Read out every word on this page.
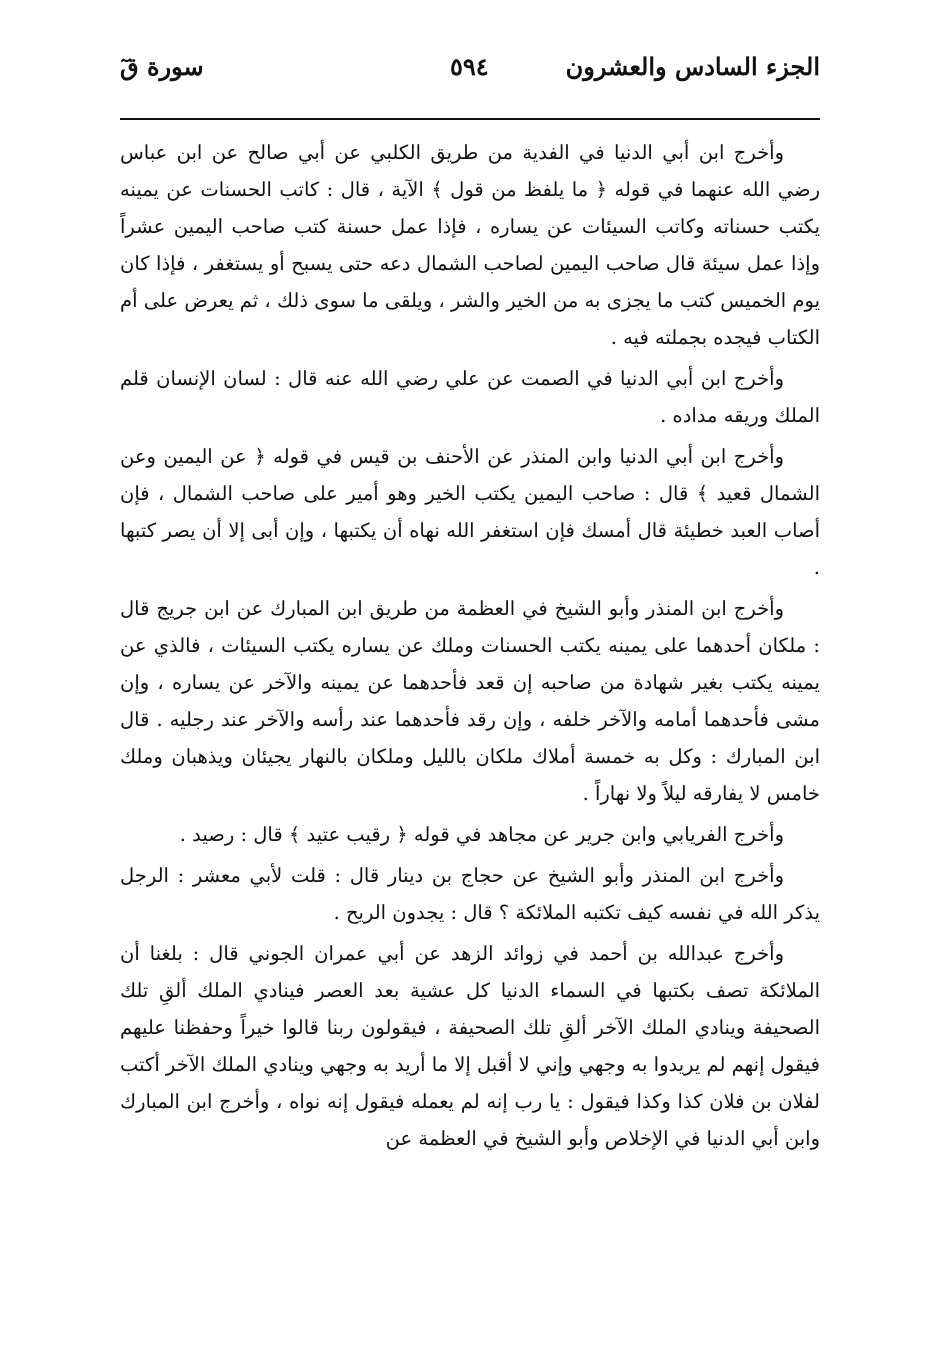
الجزء السادس والعشرون
٥٩٤
سورة قٓ

وأخرج ابن أبي الدنيا في الفدية من طريق الكلبي عن أبي صالح عن ابن عباس رضي الله عنهما في قوله ﴿ ما يلفظ من قول ﴾ الآية ، قال : كاتب الحسنات عن يمينه يكتب حسناته وكاتب السيئات عن يساره ، فإذا عمل حسنة كتب صاحب اليمين عشراً وإذا عمل سيئة قال صاحب اليمين لصاحب الشمال دعه حتى يسبح أو يستغفر ، فإذا كان يوم الخميس كتب ما يجزى به من الخير والشر ، ويلقى ما سوى ذلك ، ثم يعرض على أم الكتاب فيجده بجملته فيه .

وأخرج ابن أبي الدنيا في الصمت عن علي رضي الله عنه قال : لسان الإنسان قلم الملك وريقه مداده .

وأخرج ابن أبي الدنيا وابن المنذر عن الأحنف بن قيس في قوله ﴿ عن اليمين وعن الشمال قعيد ﴾ قال : صاحب اليمين يكتب الخير وهو أمير على صاحب الشمال ، فإن أصاب العبد خطيئة قال أمسك فإن استغفر الله نهاه أن يكتبها ، وإن أبى إلا أن يصر كتبها .

وأخرج ابن المنذر وأبو الشيخ في العظمة من طريق ابن المبارك عن ابن جريج قال : ملكان أحدهما على يمينه يكتب الحسنات وملك عن يساره يكتب السيئات ، فالذي عن يمينه يكتب بغير شهادة من صاحبه إن قعد فأحدهما عن يمينه والآخر عن يساره ، وإن مشى فأحدهما أمامه والآخر خلفه ، وإن رقد فأحدهما عند رأسه والآخر عند رجليه . قال ابن المبارك : وكل به خمسة أملاك ملكان بالليل وملكان بالنهار يجيئان ويذهبان وملك خامس لا يفارقه ليلاً ولا نهاراً .

وأخرج الفريابي وابن جرير عن مجاهد في قوله ﴿ رقيب عتيد ﴾ قال : رصيد .

وأخرج ابن المنذر وأبو الشيخ عن حجاج بن دينار قال : قلت لأبي معشر : الرجل يذكر الله في نفسه كيف تكتبه الملائكة ؟ قال : يجدون الريح .

وأخرج عبدالله بن أحمد في زوائد الزهد عن أبي عمران الجوني قال : بلغنا أن الملائكة تصف بكتبها في السماء الدنيا كل عشية بعد العصر فينادي الملك ألقِ تلك الصحيفة وينادي الملك الآخر ألقِ تلك الصحيفة ، فيقولون ربنا قالوا خيراً وحفظنا عليهم فيقول إنهم لم يريدوا به وجهي وإني لا أقبل إلا ما أريد به وجهي وينادي الملك الآخر أكتب لفلان بن فلان كذا وكذا فيقول : يا رب إنه لم يعمله فيقول إنه نواه ، وأخرج ابن المبارك وابن أبي الدنيا في الإخلاص وأبو الشيخ في العظمة عن
